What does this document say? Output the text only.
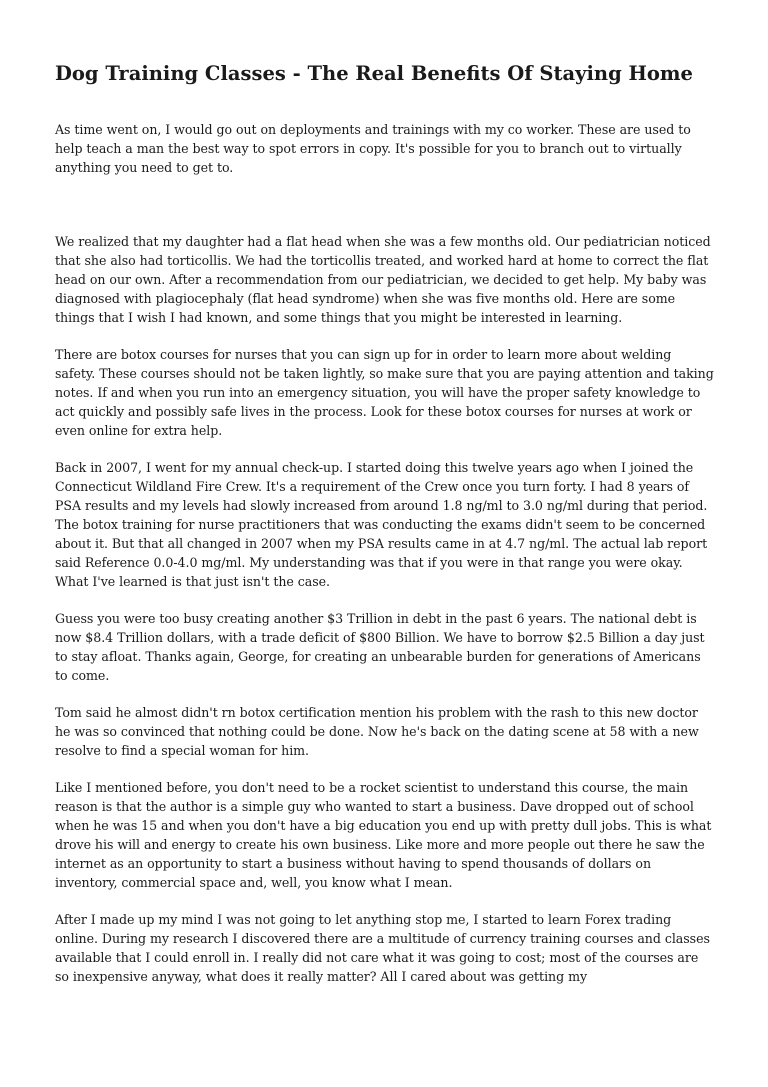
Dog Training Classes - The Real Benefits Of Staying Home

As time went on, I would go out on deployments and trainings with my co worker. These are used to help teach a man the best way to spot errors in copy. It's possible for you to branch out to virtually anything you need to get to.

We realized that my daughter had a flat head when she was a few months old. Our pediatrician noticed that she also had torticollis. We had the torticollis treated, and worked hard at home to correct the flat head on our own. After a recommendation from our pediatrician, we decided to get help. My baby was diagnosed with plagiocephaly (flat head syndrome) when she was five months old. Here are some things that I wish I had known, and some things that you might be interested in learning.

There are botox courses for nurses that you can sign up for in order to learn more about welding safety. These courses should not be taken lightly, so make sure that you are paying attention and taking notes. If and when you run into an emergency situation, you will have the proper safety knowledge to act quickly and possibly safe lives in the process. Look for these botox courses for nurses at work or even online for extra help.

Back in 2007, I went for my annual check-up. I started doing this twelve years ago when I joined the Connecticut Wildland Fire Crew. It's a requirement of the Crew once you turn forty. I had 8 years of PSA results and my levels had slowly increased from around 1.8 ng/ml to 3.0 ng/ml during that period. The botox training for nurse practitioners that was conducting the exams didn't seem to be concerned about it. But that all changed in 2007 when my PSA results came in at 4.7 ng/ml. The actual lab report said Reference 0.0-4.0 mg/ml. My understanding was that if you were in that range you were okay. What I've learned is that just isn't the case.

Guess you were too busy creating another $3 Trillion in debt in the past 6 years. The national debt is now $8.4 Trillion dollars, with a trade deficit of $800 Billion. We have to borrow $2.5 Billion a day just to stay afloat. Thanks again, George, for creating an unbearable burden for generations of Americans to come.

Tom said he almost didn't rn botox certification mention his problem with the rash to this new doctor he was so convinced that nothing could be done. Now he's back on the dating scene at 58 with a new resolve to find a special woman for him.

Like I mentioned before, you don't need to be a rocket scientist to understand this course, the main reason is that the author is a simple guy who wanted to start a business. Dave dropped out of school when he was 15 and when you don't have a big education you end up with pretty dull jobs. This is what drove his will and energy to create his own business. Like more and more people out there he saw the internet as an opportunity to start a business without having to spend thousands of dollars on inventory, commercial space and, well, you know what I mean.

After I made up my mind I was not going to let anything stop me, I started to learn Forex trading online. During my research I discovered there are a multitude of currency training courses and classes available that I could enroll in. I really did not care what it was going to cost; most of the courses are so inexpensive anyway, what does it really matter? All I cared about was getting my
